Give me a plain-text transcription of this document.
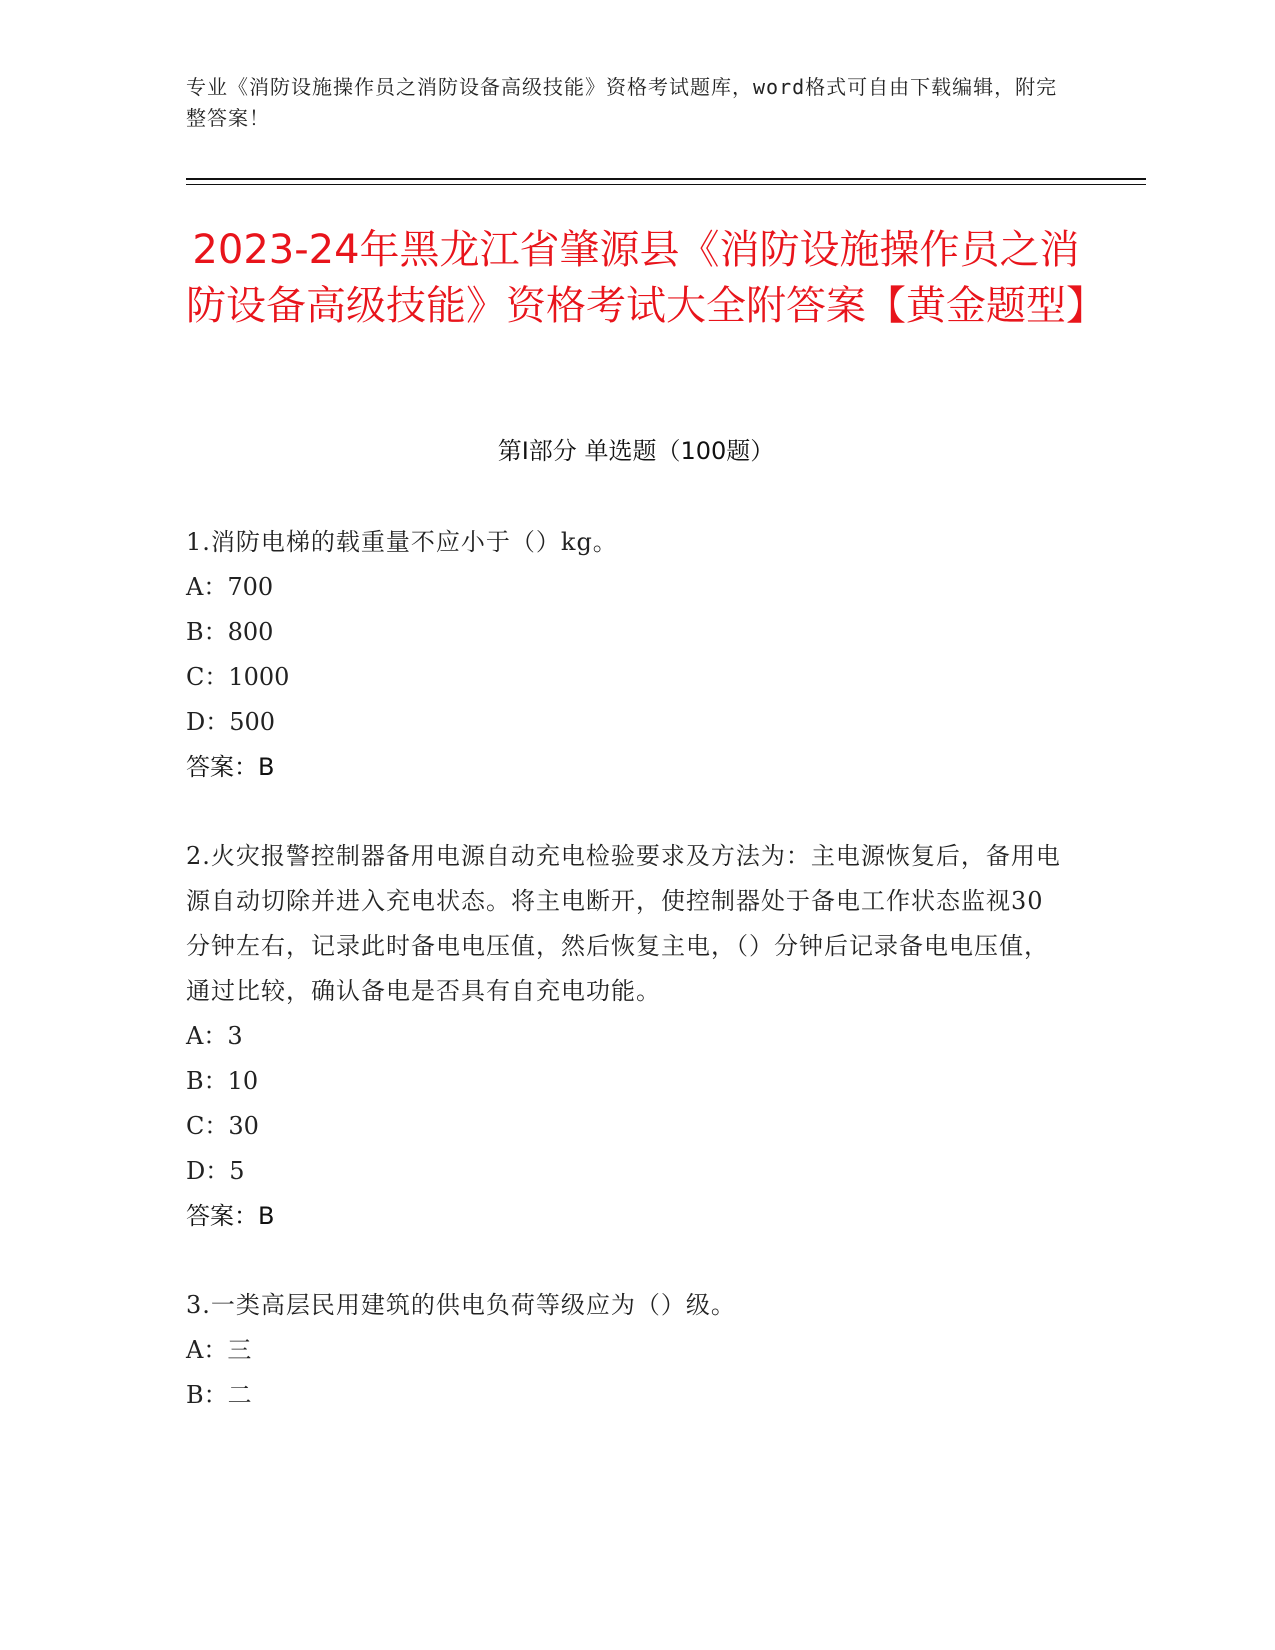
专业《消防设施操作员之消防设备高级技能》资格考试题库，word格式可自由下载编辑，附完整答案！
2023-24年黑龙江省肇源县《消防设施操作员之消防设备高级技能》资格考试大全附答案【黄金题型】
第Ⅰ部分 单选题（100题）
1.消防电梯的载重量不应小于（）kg。
A：700
B：800
C：1000
D：500
答案：B
2.火灾报警控制器备用电源自动充电检验要求及方法为：主电源恢复后，备用电源自动切除并进入充电状态。将主电断开，使控制器处于备电工作状态监视30分钟左右，记录此时备电电压值，然后恢复主电，（）分钟后记录备电电压值，通过比较，确认备电是否具有自充电功能。
A：3
B：10
C：30
D：5
答案：B
3.一类高层民用建筑的供电负荷等级应为（）级。
A：三
B：二
